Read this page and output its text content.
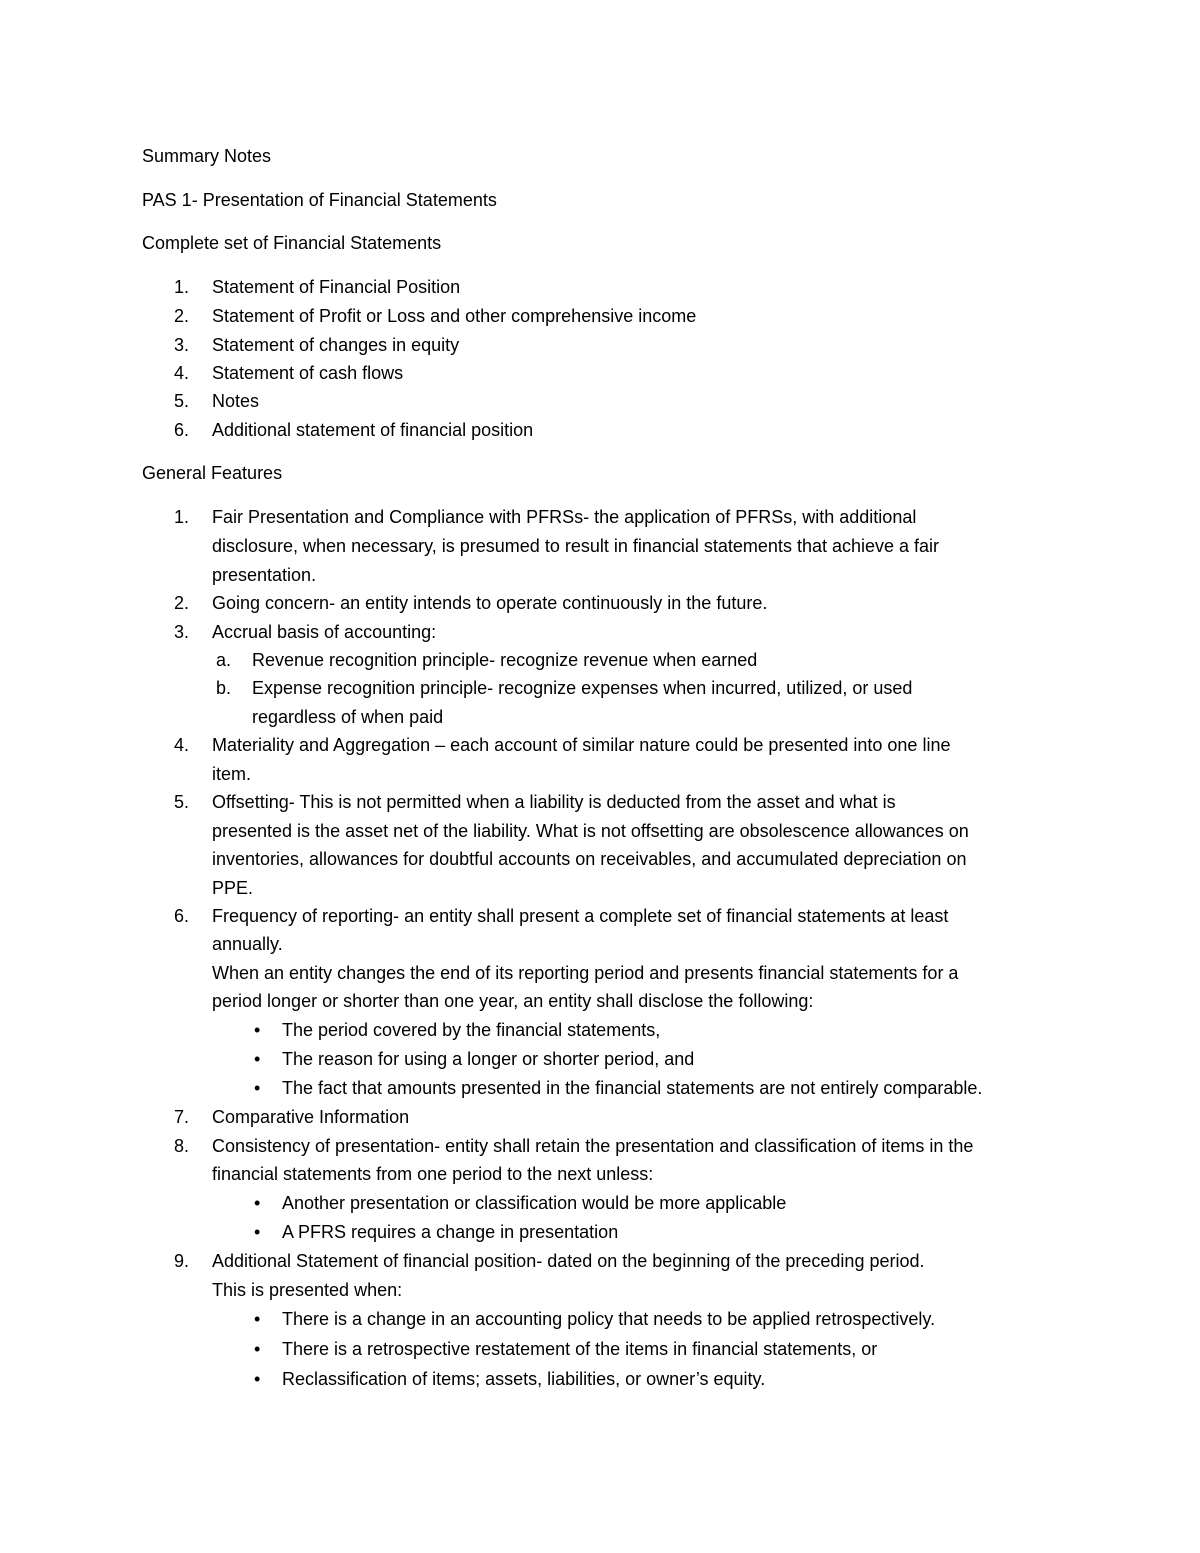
Summary Notes
PAS 1- Presentation of Financial Statements
Complete set of Financial Statements
1. Statement of Financial Position
2. Statement of Profit or Loss and other comprehensive income
3. Statement of changes in equity
4. Statement of cash flows
5. Notes
6. Additional statement of financial position
General Features
1. Fair Presentation and Compliance with PFRSs- the application of PFRSs, with additional
disclosure, when necessary, is presumed to result in financial statements that achieve a fair
presentation.
2. Going concern- an entity intends to operate continuously in the future.
3. Accrual basis of accounting:
a. Revenue recognition principle- recognize revenue when earned
b. Expense recognition principle- recognize expenses when incurred, utilized, or used
regardless of when paid
4. Materiality and Aggregation – each account of similar nature could be presented into one line
item.
5. Offsetting- This is not permitted when a liability is deducted from the asset and what is
presented is the asset net of the liability. What is not offsetting are obsolescence allowances on
inventories, allowances for doubtful accounts on receivables, and accumulated depreciation on
PPE.
6. Frequency of reporting- an entity shall present a complete set of financial statements at least
annually.
When an entity changes the end of its reporting period and presents financial statements for a
period longer or shorter than one year, an entity shall disclose the following:
• The period covered by the financial statements,
• The reason for using a longer or shorter period, and
• The fact that amounts presented in the financial statements are not entirely comparable.
7. Comparative Information
8. Consistency of presentation- entity shall retain the presentation and classification of items in the
financial statements from one period to the next unless:
• Another presentation or classification would be more applicable
• A PFRS requires a change in presentation
9. Additional Statement of financial position- dated on the beginning of the preceding period.
This is presented when:
• There is a change in an accounting policy that needs to be applied retrospectively.
• There is a retrospective restatement of the items in financial statements, or
• Reclassification of items; assets, liabilities, or owner’s equity.
